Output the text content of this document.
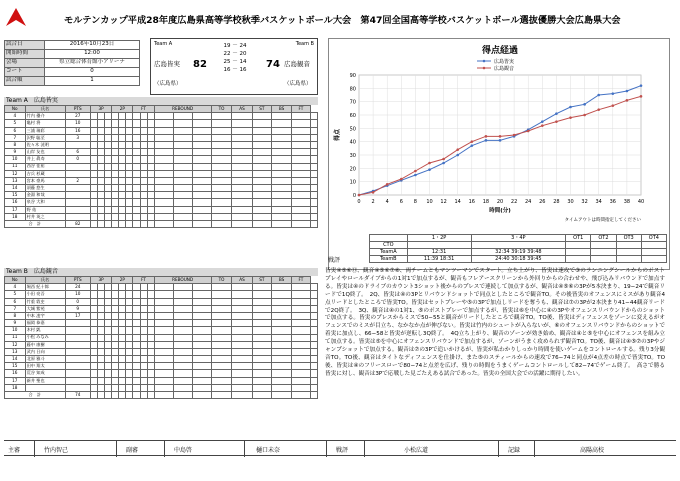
モルテンカップ平成28年度広島県高等学校秋季バスケットボール大会　第47回全国高等学校バスケットボール選抜優勝大会広島県大会
試合日	2016年10月23日
開始時間	12:00
会場	県立総合体育館小アリーナ
コート	0
試合順	1
Team A	Team B
19 － 24
22 － 20
25 － 14
16 － 16
広島皆実 82	74 広島観音
（広島県）	（広島県）
Team A　広島皆実
No	氏名	PTS	3P			2P			FT			REBOUND			TO	AS	ST	BS	FT	
4	竹内 優介	27																		
5	亀村 将	10																		
6	三浦 瑞彩	16																		
7	沢野 聡至	3																		
8	佐々木 洸明																			
9	山岸 友也	6																		
10	井上 眞寿	0																		
11	西谷 佳祐																			
12	吉兵 杉蔵																			
13	宮本 豪馬	2																		
14	須藤 悠生																			
15	金湯 和哉																			
16	泉谷 大和																			
17	野 佑																			
18	村井 英之																			
合　計		82																		
Team B　広島観音
No	氏名	PTS	3P			2P			FT			REBOUND			TO	AS	ST	BS	FT	
4	堀西 紀十郎	24																		
5	小田 亮吾	10																		
6	竹重 敦史	0																		
7	大城 紫苑	9																		
8	中本 凌宇	17																		
9	福岡 恭嘉																			
10	木村 凱																			
11	小松 みなみ																			
12	藤中 康樹																			
13	武内 日向																			
14	北原 雅斗																			
15	田中 翔太																			
16	荒谷 知成																			
17	新井 聖也																			
18																				
合　計		74																		
得点経過
0
10
20
30
40
50
60
70
80
90
0 2 4 6 8 10 12 14 16 18 20 22 24 26 28 30 32 34 36 38 40
時間(分)
得点
広島皆実
広島観音
タイムアウトは時間指定してください
	1・2P	3・4P	OT1	OT2	OT3	OT4
CTO						
TeamA	12:31	32:34 39:19 39:48				
TeamB	11:39 18:31	24:40 30:18 39:45				
戦評

皆実④⑤⑥⑪、観音④⑤⑥⑦⑧、両チームともマンツーマンでスタート。立ち上がり、皆実は速攻で③のランニングシールからのポストプレイやロールダイブからの1対1で加点するが、観音もフレアースクリーンから外回りからの合わせや、飛び込みリバウンドで加点する。皆実は④のドライブのカウント3ショット後からのプレスで連続して加点するが、観音は④⑤⑥の3Pが5本決まり、19−24で観音リードで1Q終了。　2Q、皆実は④の3Pとリバウンドショットで同点としたところで観音TO。その後皆実のオフェンスにミスがあり観音4点リードとしたところで皆実TO。皆実はセットプレーや⑤の3Pで加点しリードを奪うも、観音は⑦の3Pが2本決まり41−44観音リードで2Q終了。　3Q、観音は④の1対1、⑤のポストプレーで加点するが、皆実は⑥を中心に④の3Pやオフェンスリバウンドからのショットで加点する。皆実のプレスからミスで50−55と観音がリードしたところで観音TO。TO後、皆実はディフェンスをゾーンに変えるがオフェンスでのミスが目立ち、なかなか点が伸びない。皆実は竹内のシュートが入らないが、⑥のオフェンスリバウンドからのショットで着実に加点し、66−58と皆実が逆転し3Q終了。　4Q立ち上がり、観音のゾーンが効き始め、観音は④と⑤を中心にオフェンスを組み立て加点する。皆実は⑤を中心にオフェンスリバウンドで加点するが、ゾーンがうまく攻められず観音TO。TO後、観音は④⑤⑦の3Pやジャンプショットで加点する。観音は⑦の3Pで追いかけるが、皆実が私わかりしっかり時間を使いゲームをコントロールする。残り3分観音TO。TO後、観音はタイトなディフェンスを仕掛け、また⑤のスティールからの速攻で76−74と同点が4点差の時点で皆実TO。TO後、皆実は④のフリースローで80−74と点差を広げ、残りの時間をうまくゲームコントロールして82−74でゲーム終了。　高さで勝る皆実に対し、観音は3Pで応戦した見ごたえある試合であった。皆実の全国大会での活躍に期待したい。

主審	竹内智己	副審	中島啓	樋口未奈	戦評	小松広道	記録	高陽高校
